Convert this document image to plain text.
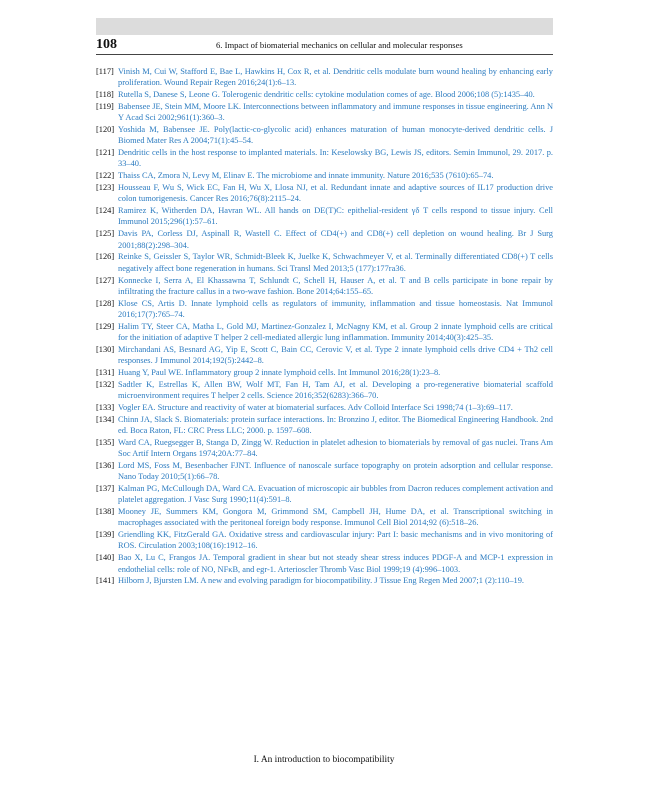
108	6. Impact of biomaterial mechanics on cellular and molecular responses
[117] Vinish M, Cui W, Stafford E, Bae L, Hawkins H, Cox R, et al. Dendritic cells modulate burn wound healing by enhancing early proliferation. Wound Repair Regen 2016;24(1):6–13.
[118] Rutella S, Danese S, Leone G. Tolerogenic dendritic cells: cytokine modulation comes of age. Blood 2006;108 (5):1435–40.
[119] Babensee JE, Stein MM, Moore LK. Interconnections between inflammatory and immune responses in tissue engineering. Ann N Y Acad Sci 2002;961(1):360–3.
[120] Yoshida M, Babensee JE. Poly(lactic-co-glycolic acid) enhances maturation of human monocyte-derived dendritic cells. J Biomed Mater Res A 2004;71(1):45–54.
[121] Dendritic cells in the host response to implanted materials. In: Keselowsky BG, Lewis JS, editors. Semin Immunol, 29. 2017. p. 33–40.
[122] Thaiss CA, Zmora N, Levy M, Elinav E. The microbiome and innate immunity. Nature 2016;535 (7610):65–74.
[123] Housseau F, Wu S, Wick EC, Fan H, Wu X, Llosa NJ, et al. Redundant innate and adaptive sources of IL17 production drive colon tumorigenesis. Cancer Res 2016;76(8):2115–24.
[124] Ramirez K, Witherden DA, Havran WL. All hands on DE(T)C: epithelial-resident γδ T cells respond to tissue injury. Cell Immunol 2015;296(1):57–61.
[125] Davis PA, Corless DJ, Aspinall R, Wastell C. Effect of CD4(+) and CD8(+) cell depletion on wound healing. Br J Surg 2001;88(2):298–304.
[126] Reinke S, Geissler S, Taylor WR, Schmidt-Bleek K, Juelke K, Schwachmeyer V, et al. Terminally differentiated CD8(+) T cells negatively affect bone regeneration in humans. Sci Transl Med 2013;5 (177):177ra36.
[127] Konnecke I, Serra A, El Khassawna T, Schlundt C, Schell H, Hauser A, et al. T and B cells participate in bone repair by infiltrating the fracture callus in a two-wave fashion. Bone 2014;64:155–65.
[128] Klose CS, Artis D. Innate lymphoid cells as regulators of immunity, inflammation and tissue homeostasis. Nat Immunol 2016;17(7):765–74.
[129] Halim TY, Steer CA, Matha L, Gold MJ, Martinez-Gonzalez I, McNagny KM, et al. Group 2 innate lymphoid cells are critical for the initiation of adaptive T helper 2 cell-mediated allergic lung inflammation. Immunity 2014;40(3):425–35.
[130] Mirchandani AS, Besnard AG, Yip E, Scott C, Bain CC, Cerovic V, et al. Type 2 innate lymphoid cells drive CD4 + Th2 cell responses. J Immunol 2014;192(5):2442–8.
[131] Huang Y, Paul WE. Inflammatory group 2 innate lymphoid cells. Int Immunol 2016;28(1):23–8.
[132] Sadtler K, Estrellas K, Allen BW, Wolf MT, Fan H, Tam AJ, et al. Developing a pro-regenerative biomaterial scaffold microenvironment requires T helper 2 cells. Science 2016;352(6283):366–70.
[133] Vogler EA. Structure and reactivity of water at biomaterial surfaces. Adv Colloid Interface Sci 1998;74 (1–3):69–117.
[134] Chinn JA, Slack S. Biomaterials: protein surface interactions. In: Bronzino J, editor. The Biomedical Engineering Handbook. 2nd ed. Boca Raton, FL: CRC Press LLC; 2000. p. 1597–608.
[135] Ward CA, Ruegsegger B, Stanga D, Zingg W. Reduction in platelet adhesion to biomaterials by removal of gas nuclei. Trans Am Soc Artif Intern Organs 1974;20A:77–84.
[136] Lord MS, Foss M, Besenbacher FJNT. Influence of nanoscale surface topography on protein adsorption and cellular response. Nano Today 2010;5(1):66–78.
[137] Kalman PG, McCullough DA, Ward CA. Evacuation of microscopic air bubbles from Dacron reduces complement activation and platelet aggregation. J Vasc Surg 1990;11(4):591–8.
[138] Mooney JE, Summers KM, Gongora M, Grimmond SM, Campbell JH, Hume DA, et al. Transcriptional switching in macrophages associated with the peritoneal foreign body response. Immunol Cell Biol 2014;92 (6):518–26.
[139] Griendling KK, FitzGerald GA. Oxidative stress and cardiovascular injury: Part I: basic mechanisms and in vivo monitoring of ROS. Circulation 2003;108(16):1912–16.
[140] Bao X, Lu C, Frangos JA. Temporal gradient in shear but not steady shear stress induces PDGF-A and MCP-1 expression in endothelial cells: role of NO, NFκB, and egr-1. Arterioscler Thromb Vasc Biol 1999;19 (4):996–1003.
[141] Hilborn J, Bjursten LM. A new and evolving paradigm for biocompatibility. J Tissue Eng Regen Med 2007;1 (2):110–19.
I. An introduction to biocompatibility
